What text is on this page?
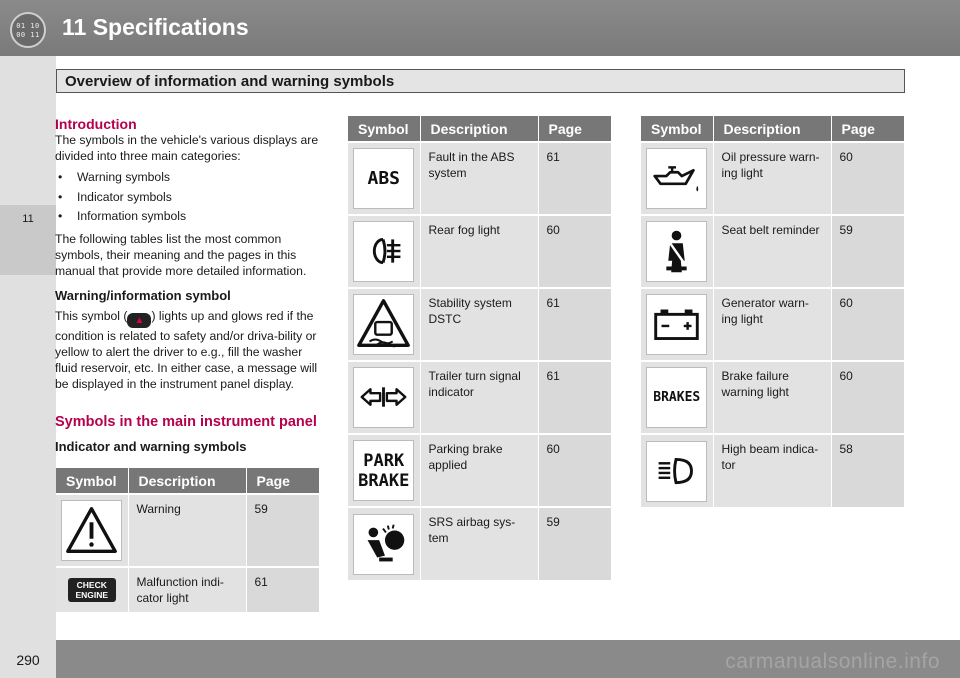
01 10
00 11 11 Specifications
11
Overview of information and warning symbols
Introduction

The symbols in the vehicle's various displays are divided into three main categories:

• Warning symbols
• Indicator symbols
• Information symbols

The following tables list the most common symbols, their meaning and the pages in this manual that provide more detailed information.

Warning/information symbol

This symbol ( ▲ ) lights up and glows red if the condition is related to safety and/or driva-bility or yellow to alert the driver to e.g., fill the washer fluid reservoir, etc. In either case, a message will be displayed in the instrument panel display.

Symbols in the main instrument panel
Indicator and warning symbols
Symbol	Description	Page

	Warning	59

CHECK ENGINE	Malfunction indi-cator light	61
Symbol	Description	Page

ABS	Fault in the ABS system	61

	Rear fog light	60

	Stability system DSTC	61

	Trailer turn signal indicator	61

PARK
BRAKE	Parking brake applied	60

	SRS airbag sys-tem	59
Symbol	Description	Page

	Oil pressure warn-ing light	60

	Seat belt reminder	59

	Generator warn-ing light	60

BRAKES	Brake failure warning light	60

	High beam indica-tor	58
290	carmanualsonline.info
